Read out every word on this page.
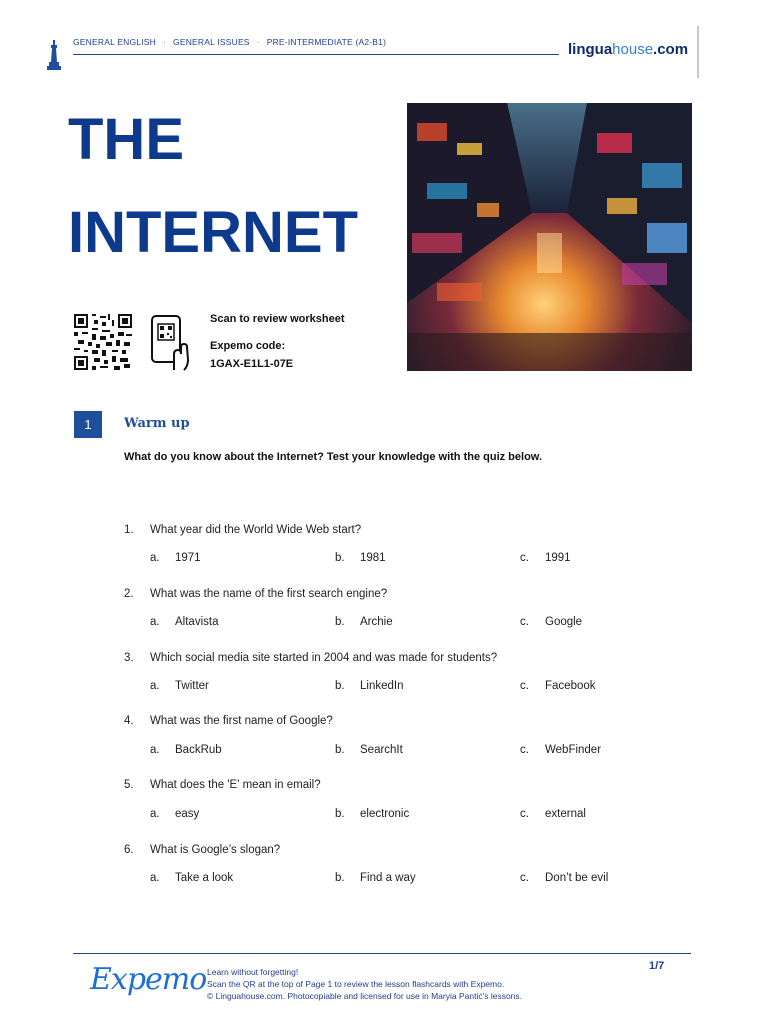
GENERAL ENGLISH · GENERAL ISSUES · PRE-INTERMEDIATE (A2-B1)	linguahouse.com
THE
INTERNET
Scan to review worksheet
Expemo code:
1GAX-E1L1-07E
1	Warm up
What do you know about the Internet? Test your knowledge with the quiz below.
1. What year did the World Wide Web start?
a. 1971	b. 1981	c. 1991
2. What was the name of the first search engine?
a. Altavista	b. Archie	c. Google
3. Which social media site started in 2004 and was made for students?
a. Twitter	b. LinkedIn	c. Facebook
4. What was the first name of Google?
a. BackRub	b. SearchIt	c. WebFinder
5. What does the 'E' mean in email?
a. easy	b. electronic	c. external
6. What is Google’s slogan?
a. Take a look	b. Find a way	c. Don’t be evil
Expemo Learn without forgetting!
Scan the QR at the top of Page 1 to review the lesson flashcards with Expemo.
© Linguahouse.com. Photocopiable and licensed for use in Maryia Pantić's lessons.
1/7
